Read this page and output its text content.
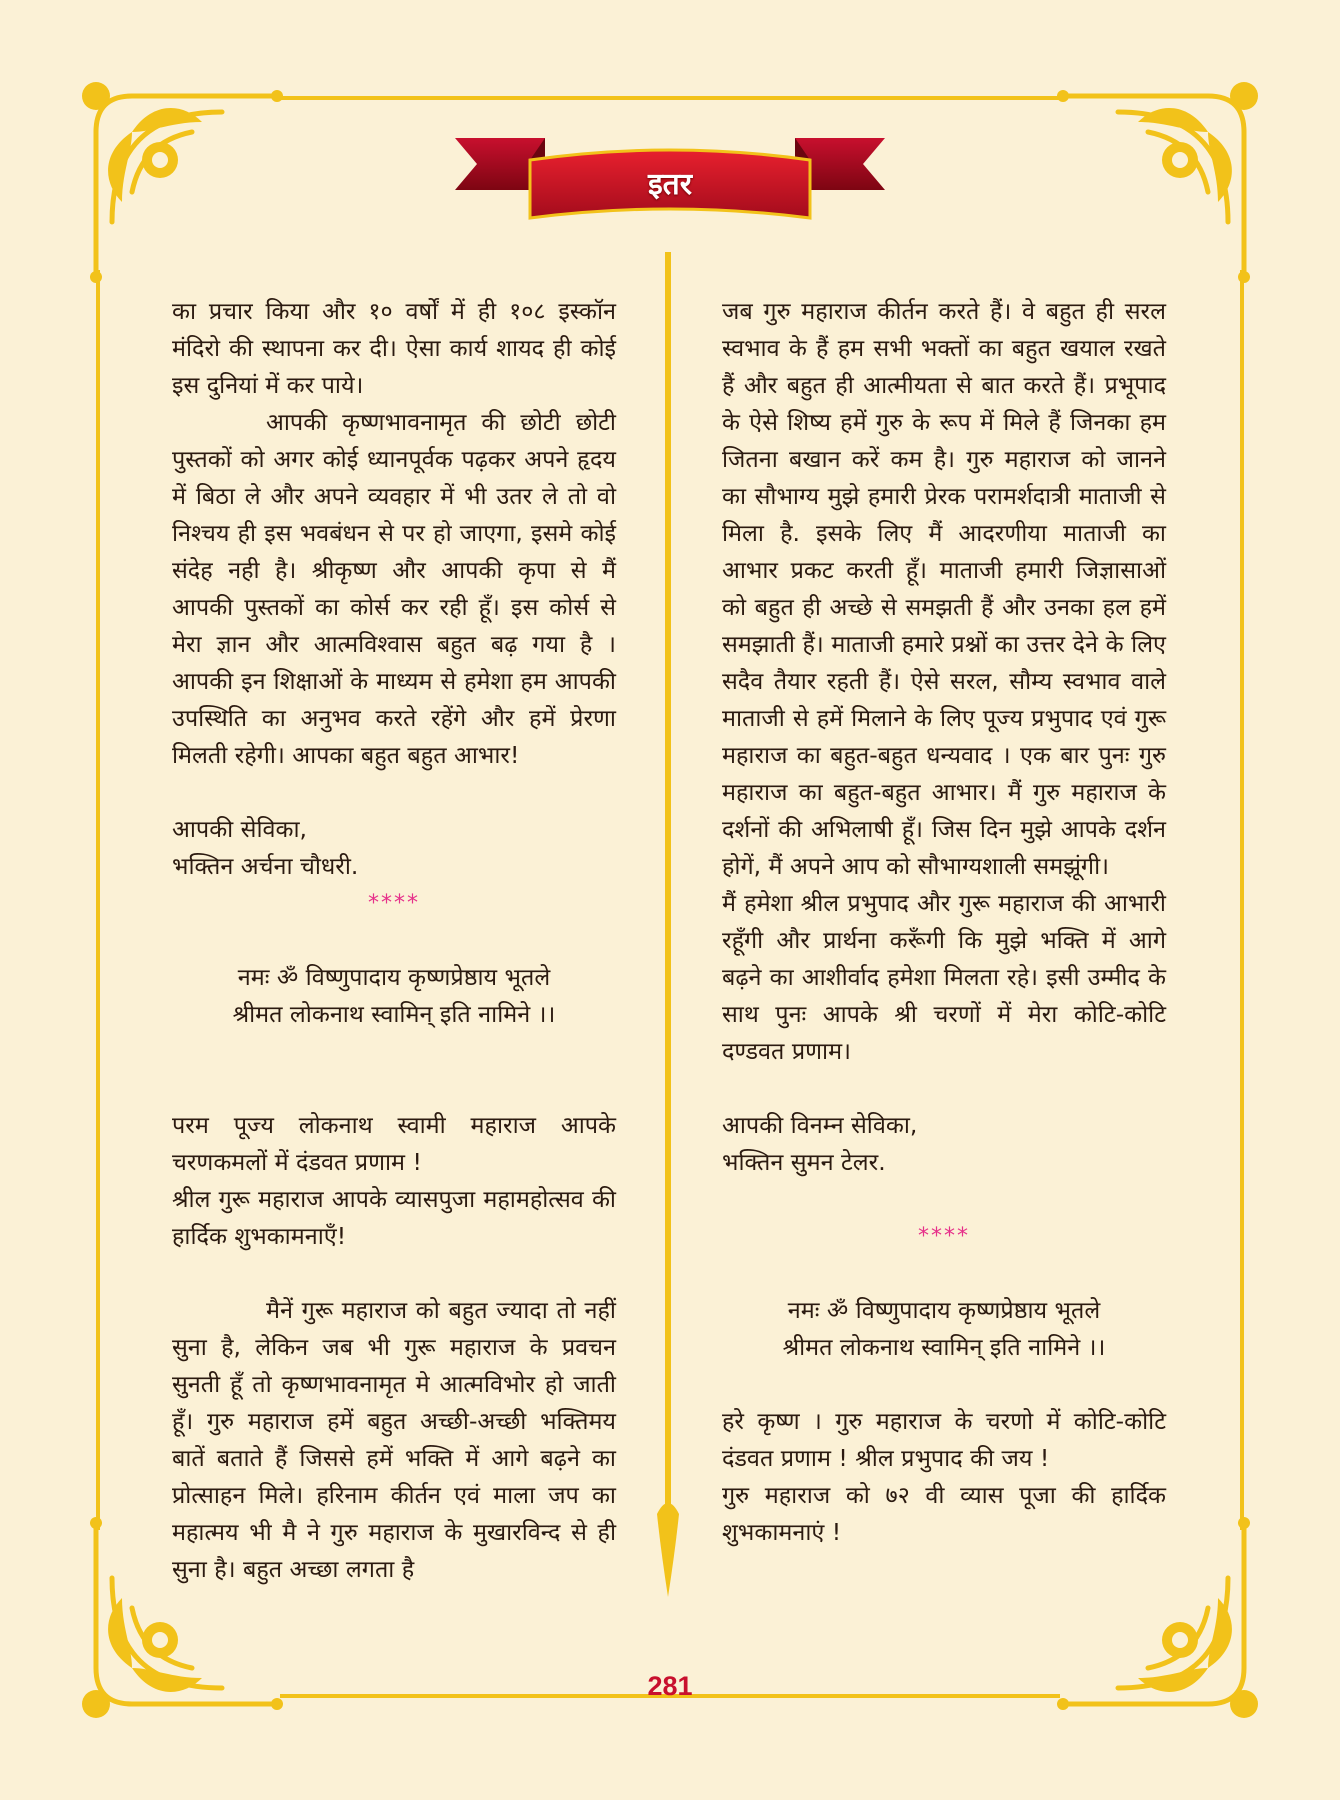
इतर

का प्रचार किया और १० वर्षों में ही १०८ इस्कॉन मंदिरो की स्थापना कर दी। ऐसा कार्य शायद ही कोई इस दुनियां में कर पाये।

आपकी कृष्णभावनामृत की छोटी छोटी पुस्तकों को अगर कोई ध्यानपूर्वक पढ़कर अपने हृदय में बिठा ले और अपने व्यवहार में भी उतर ले तो वो निश्चय ही इस भवबंधन से पर हो जाएगा, इसमे कोई संदेह नही है। श्रीकृष्ण और आपकी कृपा से मैं आपकी पुस्तकों का कोर्स कर रही हूँ। इस कोर्स से मेरा ज्ञान और आत्मविश्वास बहुत बढ़ गया है । आपकी इन शिक्षाओं के माध्यम से हमेशा हम आपकी उपस्थिति का अनुभव करते रहेंगे और हमें प्रेरणा मिलती रहेगी। आपका बहुत बहुत आभार!

आपकी सेविका,

भक्तिन अर्चना चौधरी.

****

नमः ॐ विष्णुपादाय कृष्णप्रेष्ठाय भूतले

श्रीमत लोकनाथ स्वामिन् इति नामिने ।।

परम पूज्य लोकनाथ स्वामी महाराज आपके चरणकमलों में दंडवत प्रणाम !

श्रील गुरू महाराज आपके व्यासपुजा महामहोत्सव की हार्दिक शुभकामनाएँ!

मैनें गुरू महाराज को बहुत ज्यादा तो नहीं सुना है, लेकिन जब भी गुरू महाराज के प्रवचन सुनती हूँ तो कृष्णभावनामृत मे आत्मविभोर हो जाती हूँ। गुरु महाराज हमें बहुत अच्छी-अच्छी भक्तिमय बातें बताते हैं जिससे हमें भक्ति में आगे बढ़ने का प्रोत्साहन मिले। हरिनाम कीर्तन एवं माला जप का महात्मय भी मै ने गुरु महाराज के मुखारविन्द से ही सुना है। बहुत अच्छा लगता है

जब गुरु महाराज कीर्तन करते हैं। वे बहुत ही सरल स्वभाव के हैं हम सभी भक्तों का बहुत खयाल रखते हैं और बहुत ही आत्मीयता से बात करते हैं। प्रभूपाद के ऐसे शिष्य हमें गुरु के रूप में मिले हैं जिनका हम जितना बखान करें कम है। गुरु महाराज को जानने का सौभाग्य मुझे हमारी प्रेरक परामर्शदात्री माताजी से मिला है. इसके लिए मैं आदरणीया माताजी का आभार प्रकट करती हूँ। माताजी हमारी जिज्ञासाओं को बहुत ही अच्छे से समझती हैं और उनका हल हमें समझाती हैं। माताजी हमारे प्रश्नों का उत्तर देने के लिए सदैव तैयार रहती हैं। ऐसे सरल, सौम्य स्वभाव वाले माताजी से हमें मिलाने के लिए पूज्य प्रभुपाद एवं गुरू महाराज का बहुत-बहुत धन्यवाद । एक बार पुनः गुरु महाराज का बहुत-बहुत आभार। मैं गुरु महाराज के दर्शनों की अभिलाषी हूँ। जिस दिन मुझे आपके दर्शन होगें, मैं अपने आप को सौभाग्यशाली समझूंगी।

मैं हमेशा श्रील प्रभुपाद और गुरू महाराज की आभारी रहूँगी और प्रार्थना करूँगी कि मुझे भक्ति में आगे बढ़ने का आशीर्वाद हमेशा मिलता रहे। इसी उम्मीद के साथ पुनः आपके श्री चरणों में मेरा कोटि-कोटि दण्डवत प्रणाम।

आपकी विनम्न सेविका,

भक्तिन सुमन टेलर.

****

नमः ॐ विष्णुपादाय कृष्णप्रेष्ठाय भूतले

श्रीमत लोकनाथ स्वामिन् इति नामिने ।।

हरे कृष्ण । गुरु महाराज के चरणो में कोटि-कोटि दंडवत प्रणाम ! श्रील प्रभुपाद की जय !

गुरु महाराज को ७२ वी व्यास पूजा की हार्दिक शुभकामनाएं !

281
